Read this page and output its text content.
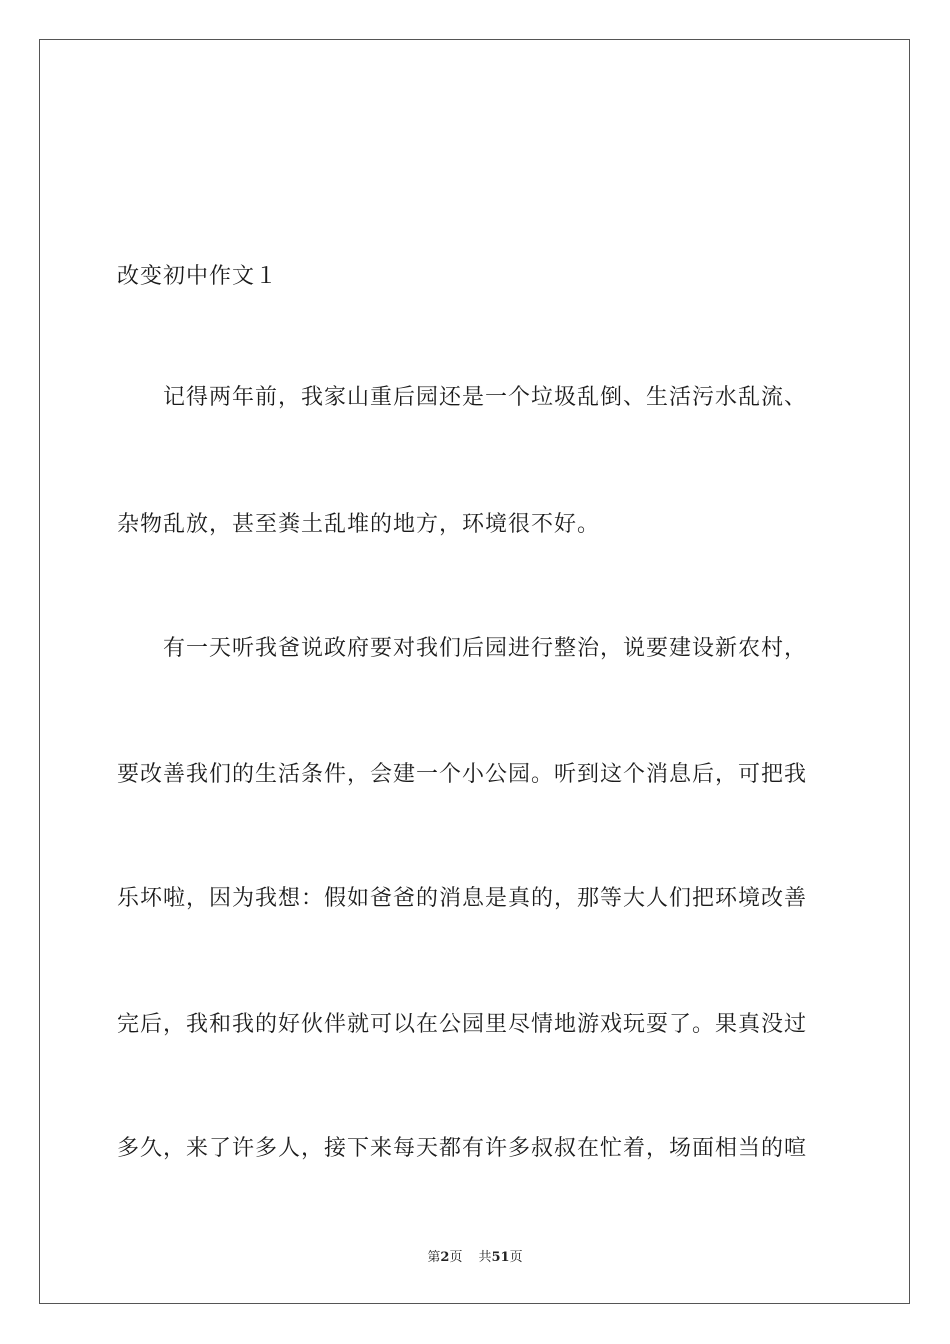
改变初中作文１
记得两年前，我家山重后园还是一个垃圾乱倒、生活污水乱流、
杂物乱放，甚至粪土乱堆的地方，环境很不好。
有一天听我爸说政府要对我们后园进行整治，说要建设新农村，
要改善我们的生活条件，会建一个小公园。听到这个消息后，可把我
乐坏啦，因为我想：假如爸爸的消息是真的，那等大人们把环境改善
完后，我和我的好伙伴就可以在公园里尽情地游戏玩耍了。果真没过
多久，来了许多人，接下来每天都有许多叔叔在忙着，场面相当的喧
第2页 共51页
